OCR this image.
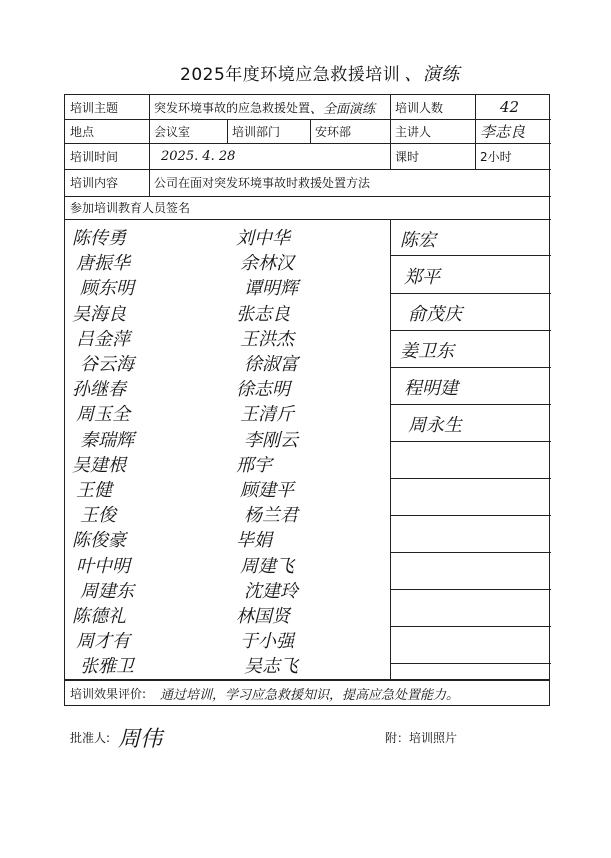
2025年度环境应急救援培训 、演练
培训主题	突发环境事故的应急救援处置 、全面演练	培训人数	42
地点	会议室	培训部门	安环部	主讲人	李志良
培训时间	2025. 4. 28	课时	2小时
培训内容	公司在面对突发环境事故时救援处置方法
参加培训教育人员签名
培训效果评价:	通过培训，学习应急救援知识，提高应急处置能力。
陈传勇
唐振华
顾东明
吴海良
吕金萍
谷云海
孙继春
周玉全
秦瑞辉
吴建根
王健
王俊
陈俊豪
叶中明
周建东
陈德礼
周才有
张雅卫
刘中华
余林汉
谭明辉
张志良
王洪杰
徐淑富
徐志明
王清斤
李刚云
邢宇
顾建平
杨兰君
毕娟
周建飞
沈建玲
林国贤
于小强
吴志飞
陈宏
郑平
俞茂庆
姜卫东
程明建
周永生
批准人: 周伟	附：培训照片
